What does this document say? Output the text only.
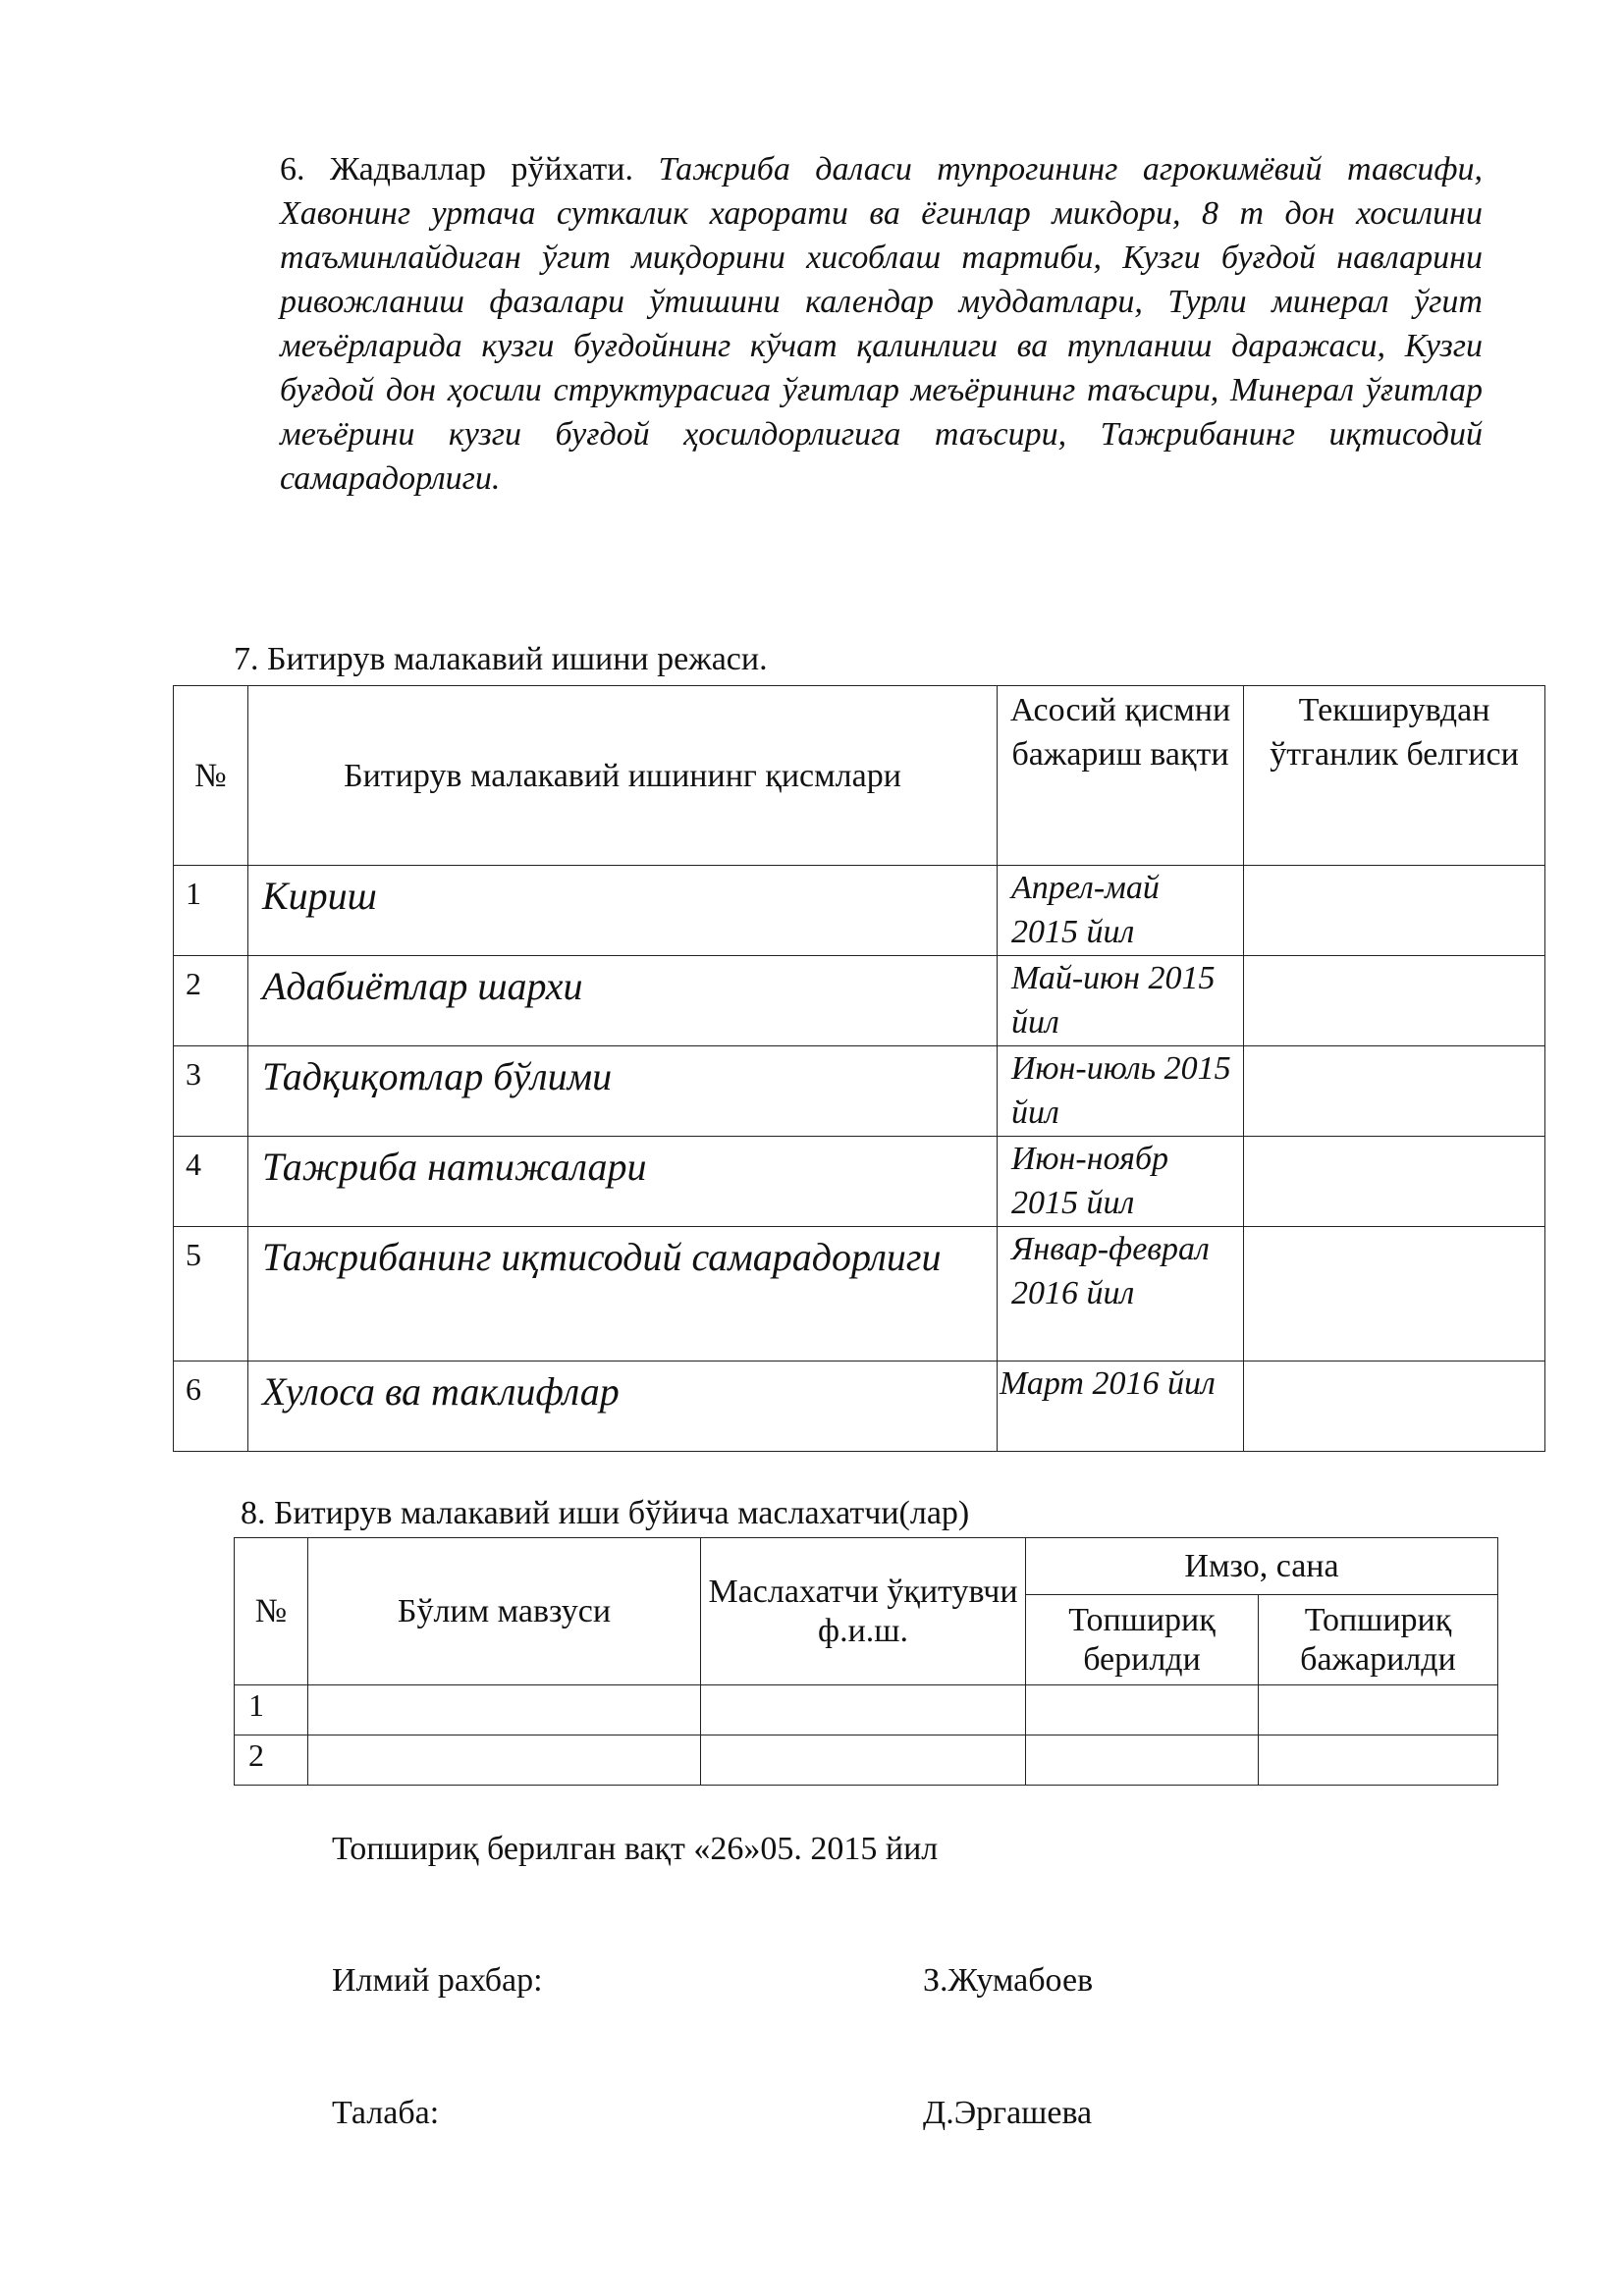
6. Жадваллар рўйхати. Тажриба даласи тупрогининг агрокимёвий тавсифи, Хавонинг уртача суткалик харорати ва ёгинлар микдори, 8 т дон хосилини таъминлайдиган ўгит миқдорини хисоблаш тартиби, Кузги буғдой навларини ривожланиш фазалари ўтишини календар муддатлари, Турли минерал ўгит меъёрларида кузги буғдойнинг кўчат қалинлиги ва тупланиш даражаси, Кузги буғдой дон ҳосили структурасига ўғитлар меъёрининг таъсири, Минерал ўғитлар меъёрини кузги буғдой ҳосилдорлигига таъсири, Тажрибанинг иқтисодий самарадорлиги.
7. Битирув малакавий ишини режаси.
№	Битирув малакавий ишининг қисмлари	Асосий қисмни бажариш вақти	Текширувдан ўтганлик белгиси
1	Кириш	Апрел-май 2015 йил	
2	Адабиётлар шархи	Май-июн 2015 йил	
3	Тадқиқотлар бўлими	Июн-июль 2015 йил	
4	Тажриба натижалари	Июн-ноябр 2015 йил	
5	Тажрибанинг иқтисодий самарадорлиги	Январ-феврал 2016 йил	
6	Хулоса ва таклифлар	Март 2016 йил	
8. Битирув малакавий иши бўйича маслахатчи(лар)
№	Бўлим мавзуси	Маслахатчи ўқитувчи ф.и.ш.	Имзо, сана	
			Топшириқ берилди	Топшириқ бажарилди
1				
2				
Топшириқ берилган вақт «26»05. 2015 йил
Илмий рахбар:	З.Жумабоев
Талаба:	Д.Эргашева
